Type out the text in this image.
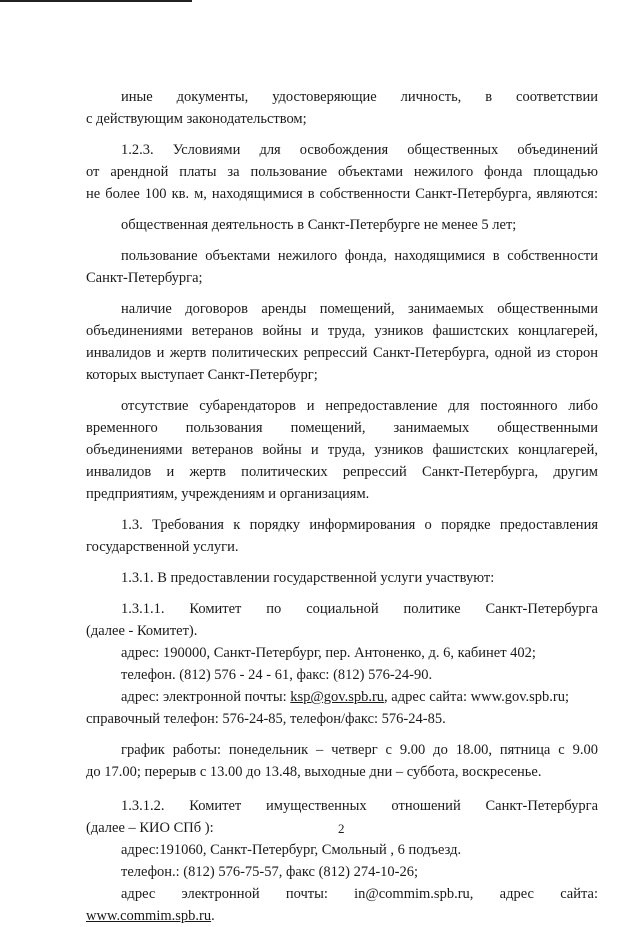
иные документы, удостоверяющие личность, в соответствии

с действующим законодательством;

1.2.3. Условиями для освобождения общественных объединений

от арендной платы за пользование объектами нежилого фонда площадью

не более 100 кв. м, находящимися в собственности Санкт-Петербурга, являются:

общественная деятельность в Санкт-Петербурге не менее 5 лет;

пользование объектами нежилого фонда, находящимися в собственности

Санкт-Петербурга;

наличие договоров аренды помещений, занимаемых общественными

объединениями ветеранов войны и труда, узников фашистских концлагерей,

инвалидов и жертв политических репрессий Санкт-Петербурга, одной из сторон

которых выступает Санкт-Петербург;

отсутствие субарендаторов и непредоставление для постоянного либо

временного пользования помещений, занимаемых общественными

объединениями ветеранов войны и труда, узников фашистских концлагерей,

инвалидов и жертв политических репрессий Санкт-Петербурга, другим

предприятиям, учреждениям и организациям.

1.3. Требования к порядку информирования о порядке предоставления

государственной услуги.

1.3.1. В предоставлении государственной услуги участвуют:

1.3.1.1. Комитет по социальной политике Санкт-Петербурга

(далее - Комитет).

адрес: 190000, Санкт-Петербург, пер. Антоненко, д. 6, кабинет 402;

телефон. (812) 576 - 24 - 61, факс: (812) 576-24-90.

адрес: электронной почты: ksp@gov.spb.ru, адрес сайта: www.gov.spb.ru;

справочный телефон: 576-24-85, телефон/факс: 576-24-85.

график работы: понедельник – четверг с 9.00 до 18.00, пятница с 9.00

до 17.00; перерыв с 13.00 до 13.48, выходные дни – суббота, воскресенье.

1.3.1.2. Комитет имущественных отношений Санкт-Петербурга

(далее – КИО СПб ):

адрес:191060, Санкт-Петербург, Смольный , 6 подъезд.

телефон.: (812) 576-75-57, факс (812) 274-10-26;

адрес электронной почты: in@commim.spb.ru, адрес сайта:

www.commim.spb.ru.

2
